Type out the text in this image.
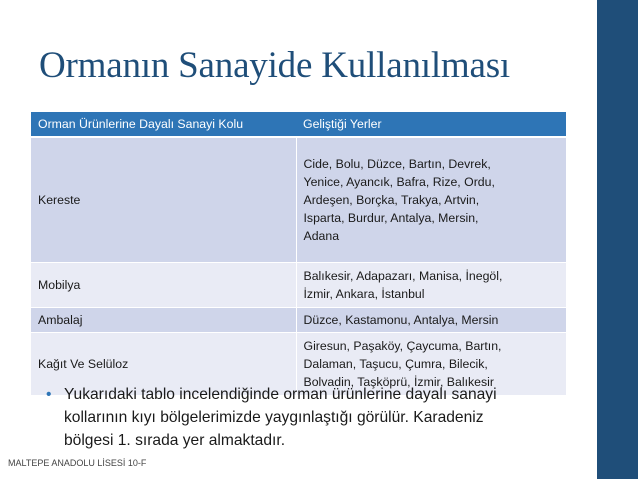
Ormanın Sanayide Kullanılması
Orman Ürünlerine Dayalı Sanayi Kolu	Geliştiği Yerler
Kereste	Cide, Bolu, Düzce, Bartın, Devrek,
Yenice, Ayancık, Bafra, Rize, Ordu,
Ardeşen, Borçka, Trakya, Artvin,
Isparta, Burdur, Antalya, Mersin,
Adana

Mobilya	Balıkesir, Adapazarı, Manisa, İnegöl,
İzmir, Ankara, İstanbul

Ambalaj	Düzce, Kastamonu, Antalya, Mersin

Kağıt Ve Selüloz	Giresun, Paşaköy, Çaycuma, Bartın,
Dalaman, Taşucu, Çumra, Bilecik,
Bolvadin, Taşköprü, İzmir, Balıkesir
• Yukarıdaki tablo incelendiğinde orman ürünlerine dayalı sanayi
kollarının kıyı bölgelerimizde yaygınlaştığı görülür. Karadeniz
bölgesi 1. sırada yer almaktadır.
MALTEPE ANADOLU LİSESİ 10-F
